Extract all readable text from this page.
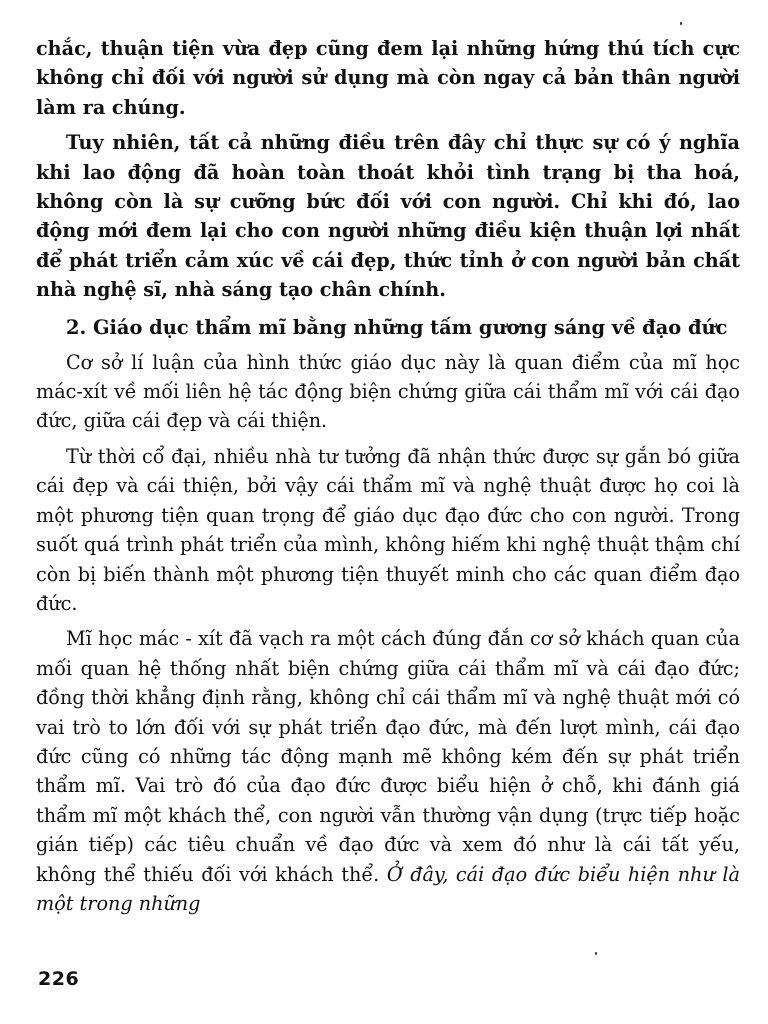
chắc, thuận tiện vừa đẹp cũng đem lại những hứng thú tích cực không chỉ đối với người sử dụng mà còn ngay cả bản thân người làm ra chúng.

Tuy nhiên, tất cả những điều trên đây chỉ thực sự có ý nghĩa khi lao động đã hoàn toàn thoát khỏi tình trạng bị tha hoá, không còn là sự cưỡng bức đối với con người. Chỉ khi đó, lao động mới đem lại cho con người những điều kiện thuận lợi nhất để phát triển cảm xúc về cái đẹp, thức tỉnh ở con người bản chất nhà nghệ sĩ, nhà sáng tạo chân chính.

2. Giáo dục thẩm mĩ bằng những tấm gương sáng về đạo đức

Cơ sở lí luận của hình thức giáo dục này là quan điểm của mĩ học mác-xít về mối liên hệ tác động biện chứng giữa cái thẩm mĩ với cái đạo đức, giữa cái đẹp và cái thiện.

Từ thời cổ đại, nhiều nhà tư tưởng đã nhận thức được sự gắn bó giữa cái đẹp và cái thiện, bởi vậy cái thẩm mĩ và nghệ thuật được họ coi là một phương tiện quan trọng để giáo dục đạo đức cho con người. Trong suốt quá trình phát triển của mình, không hiếm khi nghệ thuật thậm chí còn bị biến thành một phương tiện thuyết minh cho các quan điểm đạo đức.

Mĩ học mác - xít đã vạch ra một cách đúng đắn cơ sở khách quan của mối quan hệ thống nhất biện chứng giữa cái thẩm mĩ và cái đạo đức; đồng thời khẳng định rằng, không chỉ cái thẩm mĩ và nghệ thuật mới có vai trò to lớn đối với sự phát triển đạo đức, mà đến lượt mình, cái đạo đức cũng có những tác động mạnh mẽ không kém đến sự phát triển thẩm mĩ. Vai trò đó của đạo đức được biểu hiện ở chỗ, khi đánh giá thẩm mĩ một khách thể, con người vẫn thường vận dụng (trực tiếp hoặc gián tiếp) các tiêu chuẩn về đạo đức và xem đó như là cái tất yếu, không thể thiếu đối với khách thể. Ở đây, cái đạo đức biểu hiện như là một trong những

226
